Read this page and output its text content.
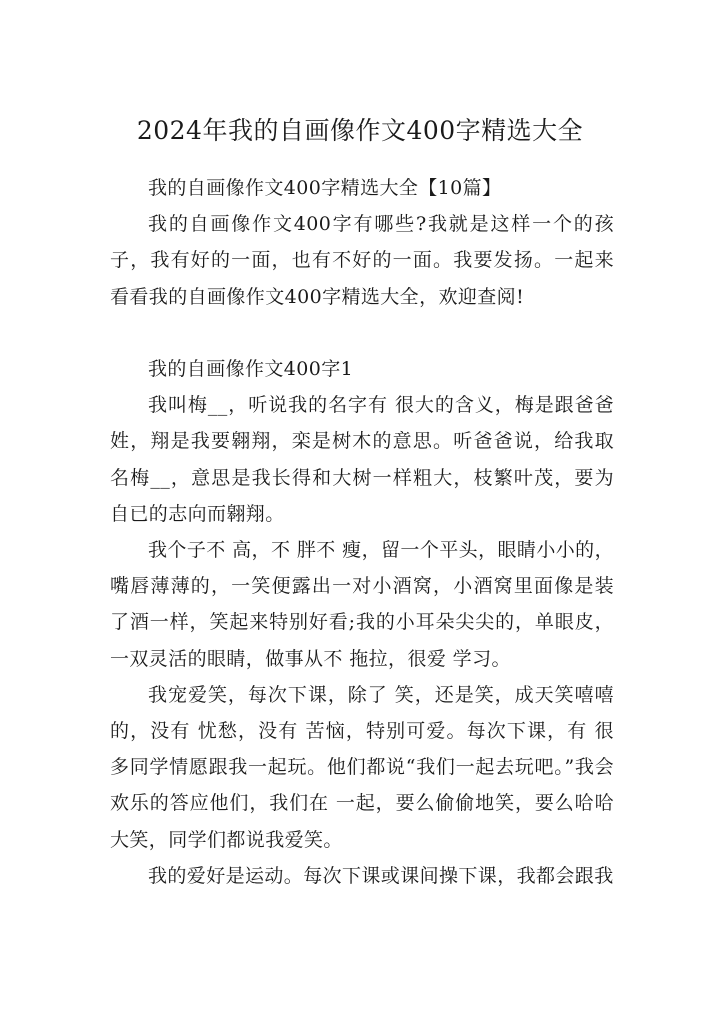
2024年我的自画像作文400字精选大全

我的自画像作文400字精选大全【10篇】

我的自画像作文400字有哪些?我就是这样一个的孩子，我有好的一面，也有不好的一面。我要发扬。一起来看看我的自画像作文400字精选大全，欢迎查阅!

我的自画像作文400字1

我叫梅__，听说我的名字有 很大的含义，梅是跟爸爸姓，翔是我要翱翔，栾是树木的意思。听爸爸说，给我取名梅__，意思是我长得和大树一样粗大，枝繁叶茂，要为自已的志向而翱翔。

我个子不 高，不 胖不 瘦，留一个平头，眼睛小小的，嘴唇薄薄的，一笑便露出一对小酒窝，小酒窝里面像是装了酒一样，笑起来特别好看;我的小耳朵尖尖的，单眼皮，一双灵活的眼睛，做事从不 拖拉，很爱 学习。

我宠爱笑，每次下课，除了 笑，还是笑，成天笑嘻嘻的，没有 忧愁，没有 苦恼，特别可爱。每次下课，有 很多同学情愿跟我一起玩。他们都说“我们一起去玩吧。”我会欢乐的答应他们，我们在 一起，要么偷偷地笑，要么哈哈大笑，同学们都说我爱笑。

我的爱好是运动。每次下课或课间操下课，我都会跟我
